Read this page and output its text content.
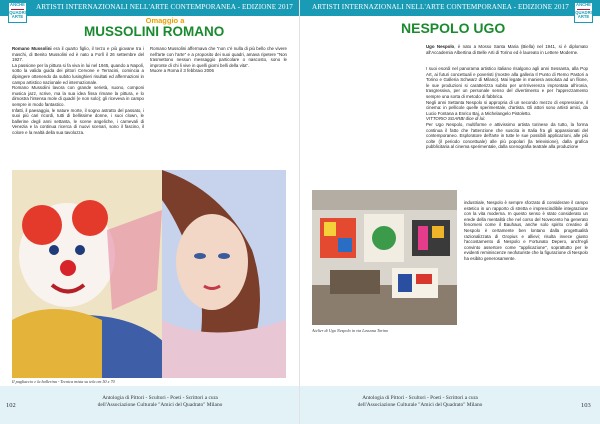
ARTISTI INTERNAZIONALI NELL'ARTE CONTEMPORANEA - EDIZIONE 2017
ANCHE
QUADRI
ARTE	Omaggio a
MUSSOLINI ROMANO

Romano Mussolini era il quarto figlio, il terzo e più giovane tra i maschi, di Benito Mussolini ed è nato a Forlì il 26 settembre del 1927.

La passione per la pittura si fa viva in lui nel 1945, quando a Napoli, sotto la valida guida dei pittori Cervone e Terracini, comincia a dipingere ottenendo da subito lusinghieri risultati ed affermazioni in campo artistico nazionale ed internazionale.

Romano Mussolini lavora con grande serietà, suono, componi musica jazz, scrive, ma la sua idea fissa rimane la pittura, e lo dimostra l'intensa mole di quadri (e non solo); gli riceveva in campo sempre in modo fantastico.

Infatti, il paesaggio, le nature morte, il sogno astratto del passato, i suoi più cari ricordi, tutti di bellissime donne, i suoi clown, le ballerine degli anni settanta, le scene angeliche, i carnevali di Venezia e la continua ricerca di nuovi scenari, sono il fascino, il colore e la realtà della sua tavolozza.

Romano Mussolini affermava che "non c'è nulla di più bello che vivere nell'arte con l'arte" e a proposito dei suoi quadri, amava ripetere "Non trasmettono nessun messaggio particolare o nascosto, sono le impronte di chi li vive in quelli giorni belli della vita".

Muore a Roma il 3 febbraio 2006

Il pagliaccio e la ballerina - Tecnica mista su tela cm 50 x 70
Antologia di Pittori - Scultori - Poeti - Scrittori a cura
dell'Associazione Culturale "Amici del Quadrato" Milano
102
ARTISTI INTERNAZIONALI NELL'ARTE CONTEMPORANEA - EDIZIONE 2017 ANCHE
QUADRI
ARTE
NESPOLO UGO

Ugo Nespolo, è nato a Mosso Santa Maria (Biella) nel 1941, si è diplomato all'Accademia Albertina di Belle Arti di Torino ed è laureato in Lettere Moderne.

I suoi esordi nel panorama artistico italiano risalgono agli anni Sessanta, alla Pop Art, ai futuri concettuali e poveristi (mostre alla galleria Il Punto di Remo Pastori a Torino e Galleria Schwarz di Milano). Mai legate in maniera assoluta ad un filone, le sue produzioni si caratterizza subito per un'irriverenza improntata all'ironia, trasgressiva, per un personale senso del divertimento e per l'apprezzamento sempre una sorta di metodo di fabbrica.

Negli anni Settanta Nespolo si appropria di un secondo mezzo di espressione, il cinema: in pellicole quelle sperimentale, d'artista. Gli attori sono artisti amici, da Lucio Fontana a Enrico Baj, a Michelangelo Pistoletto.

VITTORIO SGARBI dice di lui:

Per Ugo Nespolo, multiforme e attivissimo artista torinese da tutto, la forma continua il fatto che l'attenzione che suscita in Italia fra gli appassionati del contemporaneo. Esploratore dell'arte in tutte le sue possibili applicazioni, alle più colte (il periodo concettuale) alle più popolari (la televisione), dalla grafica pubblicitaria al cinema sperimentale, dalla scenografia teatrale alla produzione

Atelier di Ugo Nespolo in via Lessona Torino

industriale, Nespolo è sempre sforzato di considerare il campo estetico in un rapporto di stretta e imprescindibile integrazione con la vita moderna. In questo senso è stato considerato un erede della mentalità che nel corso del Novecento ha generato fenomeni come il Bauhaus, anche solo spirito creativo di Nespolo è certamente ben lontano dalla progettualità razionalizzata di Gropius e allievi; risulta invece giusto l'accostamento di Nespolo e Fortunato Depero, anch'egli convinto assertore come "applicazione", soprattutto per le evidenti reminiscenze neofuturiste che la figurazione di Nespolo ha esibito generosamente.

Antologia di Pittori - Scultori - Poeti - Scrittori a cura
dell'Associazione Culturale "Amici del Quadrato" Milano	103
